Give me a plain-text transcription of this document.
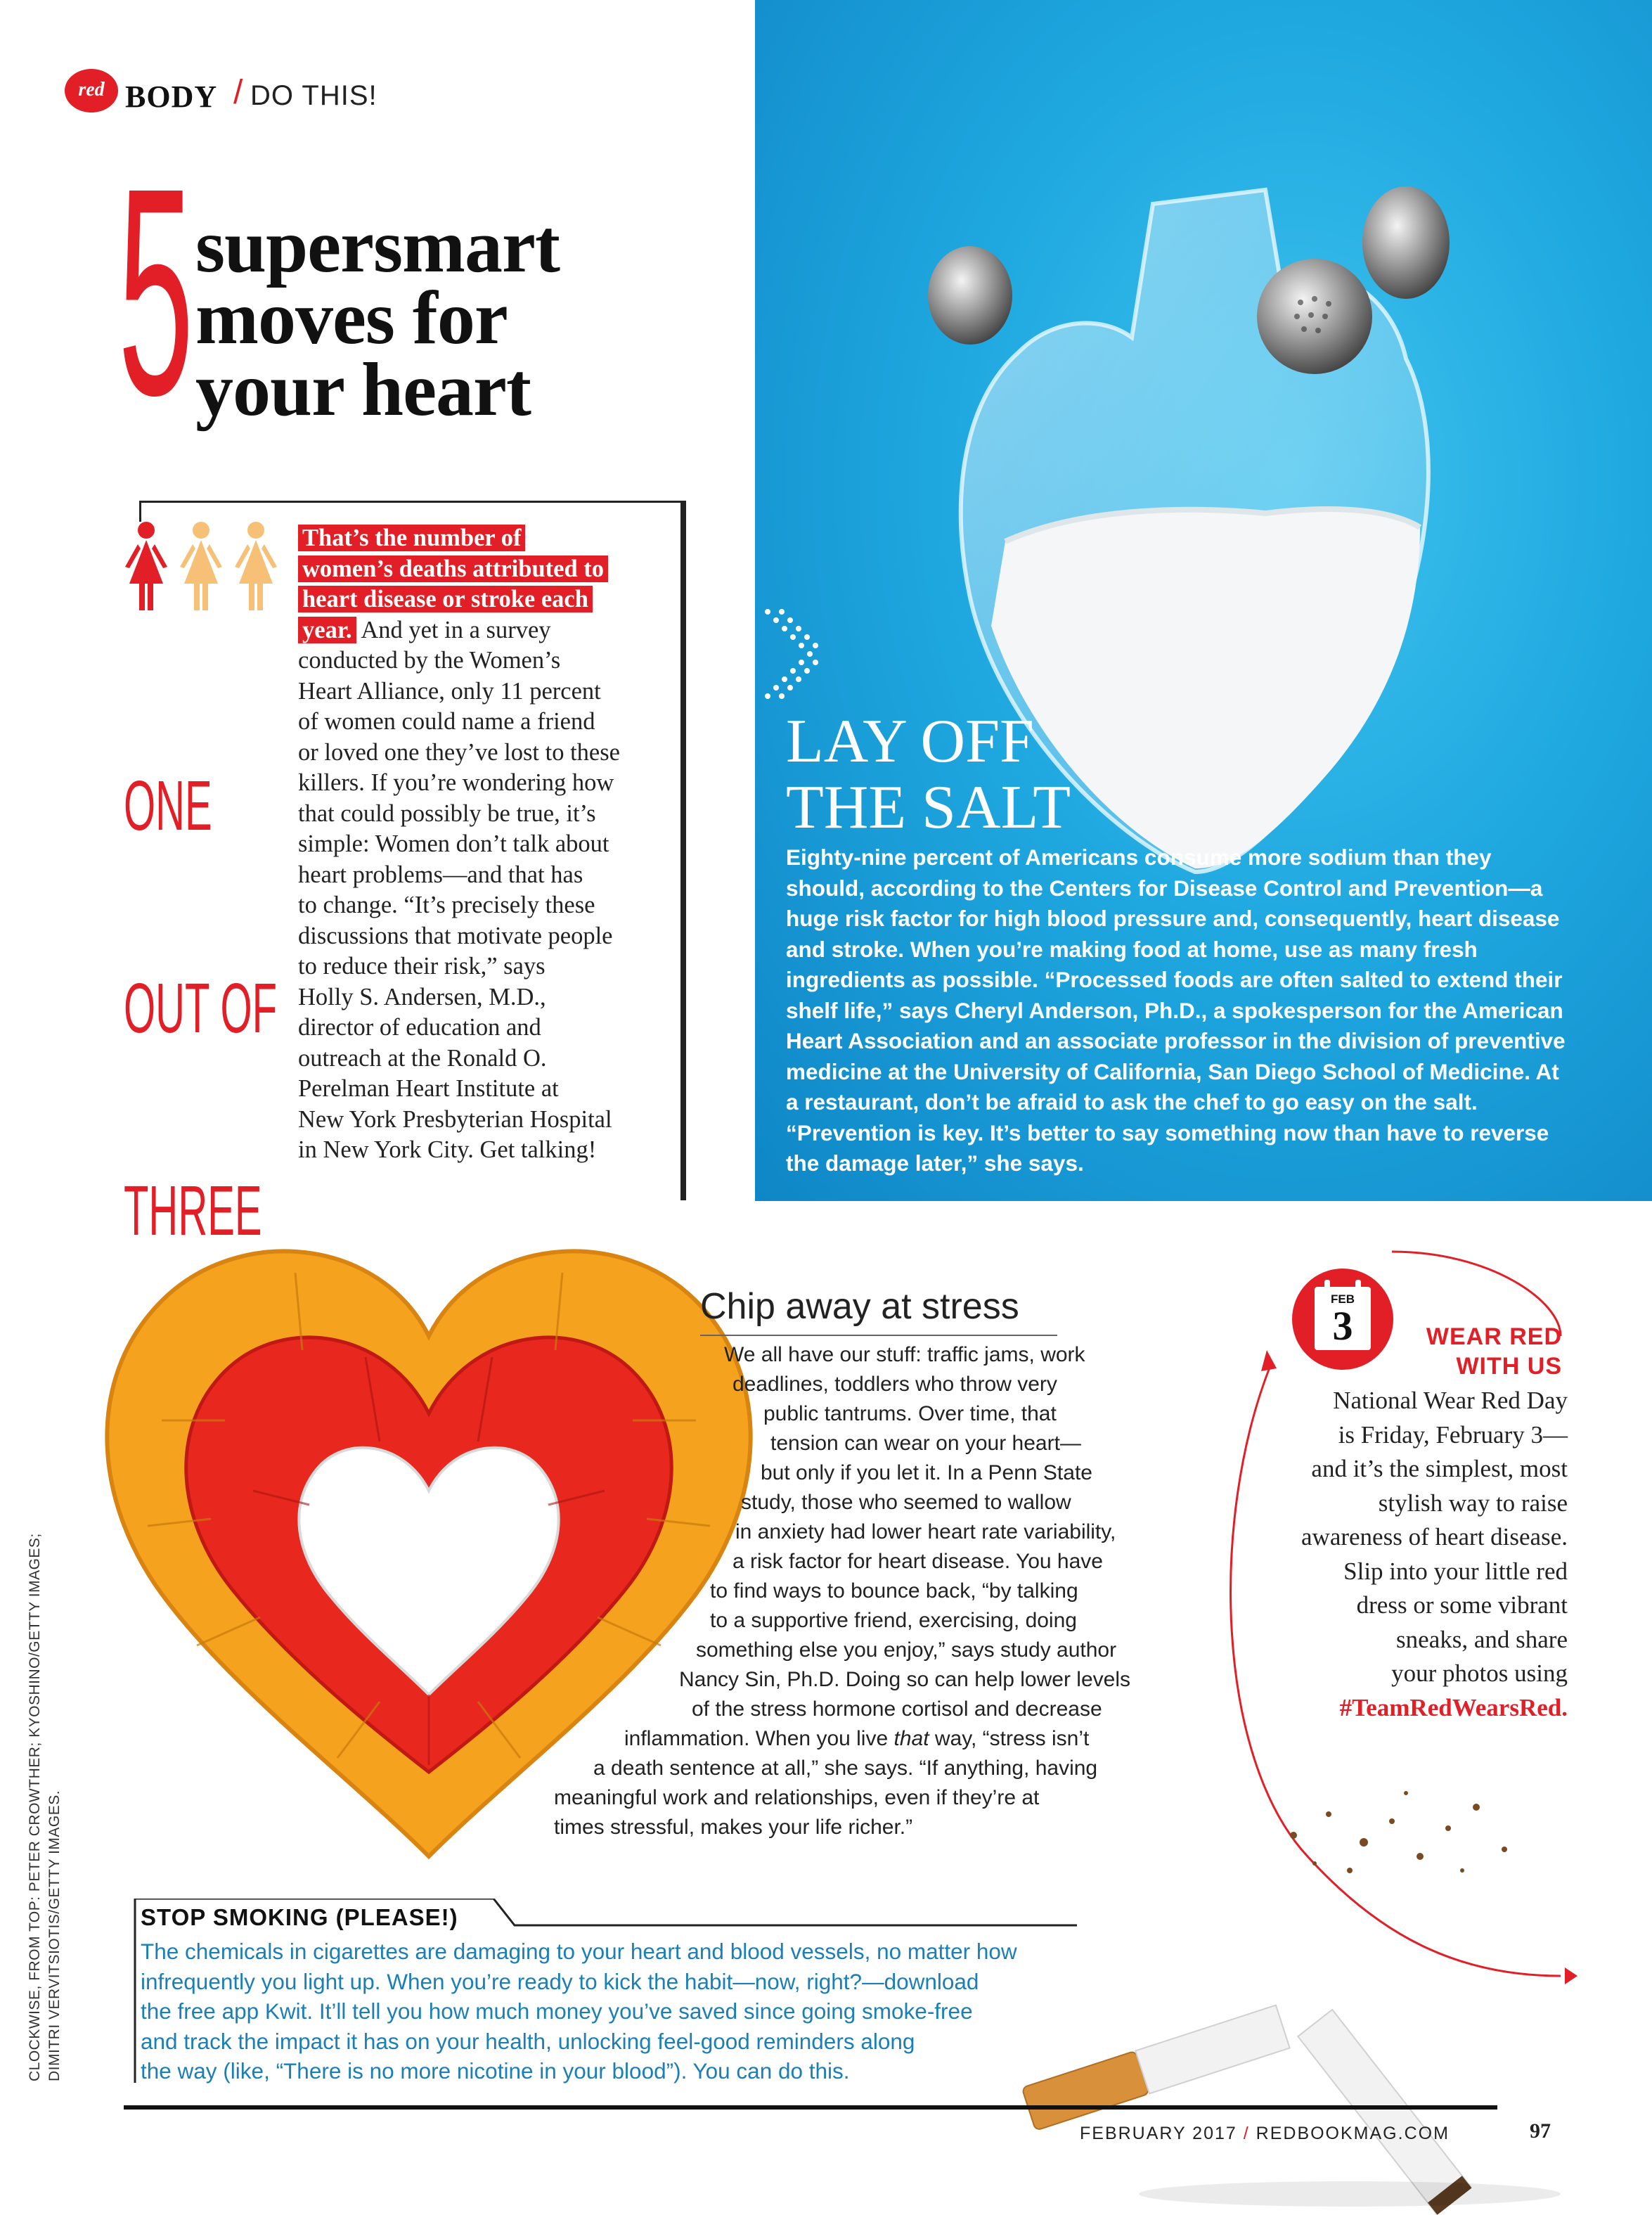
red BODY / DO THIS!
5 supersmart
moves for
your heart
LAY OFF
THE SALT
Eighty-nine percent of Americans consume more sodium than they should, according to the Centers for Disease Control and Prevention—a huge risk factor for high blood pressure and, consequently, heart disease and stroke. When you’re making food at home, use as many fresh ingredients as possible. “Processed foods are often salted to extend their shelf life,” says Cheryl Anderson, Ph.D., a spokesperson for the American Heart Association and an associate professor in the division of preventive medicine at the University of California, San Diego School of Medicine. At a restaurant, don’t be afraid to ask the chef to go easy on the salt. “Prevention is key. It’s better to say something now than have to reverse the damage later,” she says.

ONE

OUT OF

THREE

That’s the number of
women’s deaths attributed to
heart disease or stroke each
year. And yet in a survey
conducted by the Women’s
Heart Alliance, only 11 percent
of women could name a friend
or loved one they’ve lost to these
killers. If you’re wondering how
that could possibly be true, it’s
simple: Women don’t talk about
heart problems—and that has
to change. “It’s precisely these
discussions that motivate people
to reduce their risk,” says
Holly S. Andersen, M.D.,
director of education and
outreach at the Ronald O.
Perelman Heart Institute at
New York Presbyterian Hospital
in New York City. Get talking!
Chip away at stress
We all have our stuff: traffic jams, work
deadlines, toddlers who throw very
public tantrums. Over time, that
tension can wear on your heart—
but only if you let it. In a Penn State
study, those who seemed to wallow
in anxiety had lower heart rate variability,
a risk factor for heart disease. You have
to find ways to bounce back, “by talking
to a supportive friend, exercising, doing
something else you enjoy,” says study author
Nancy Sin, Ph.D. Doing so can help lower levels
of the stress hormone cortisol and decrease
inflammation. When you live that way, “stress isn’t
a death sentence at all,” she says. “If anything, having
meaningful work and relationships, even if they’re at
times stressful, makes your life richer.”
FEB
3	WEAR RED
WITH US
National Wear Red Day
is Friday, February 3—
and it’s the simplest, most
stylish way to raise
awareness of heart disease.
Slip into your little red
dress or some vibrant
sneaks, and share
your photos using
#TeamRedWearsRed.
CLOCKWISE, FROM TOP: PETER CROWTHER; KYOSHINO/GETTY IMAGES; DIMITRI VERVITSIOTIS/GETTY IMAGES.	STOP SMOKING (PLEASE!)
The chemicals in cigarettes are damaging to your heart and blood vessels, no matter how
infrequently you light up. When you’re ready to kick the habit—now, right?—download
the free app Kwit. It’ll tell you how much money you’ve saved since going smoke-free
and track the impact it has on your health, unlocking feel-good reminders along
the way (like, “There is no more nicotine in your blood”). You can do this.
FEBRUARY 2017 / REDBOOKMAG.COM	97
